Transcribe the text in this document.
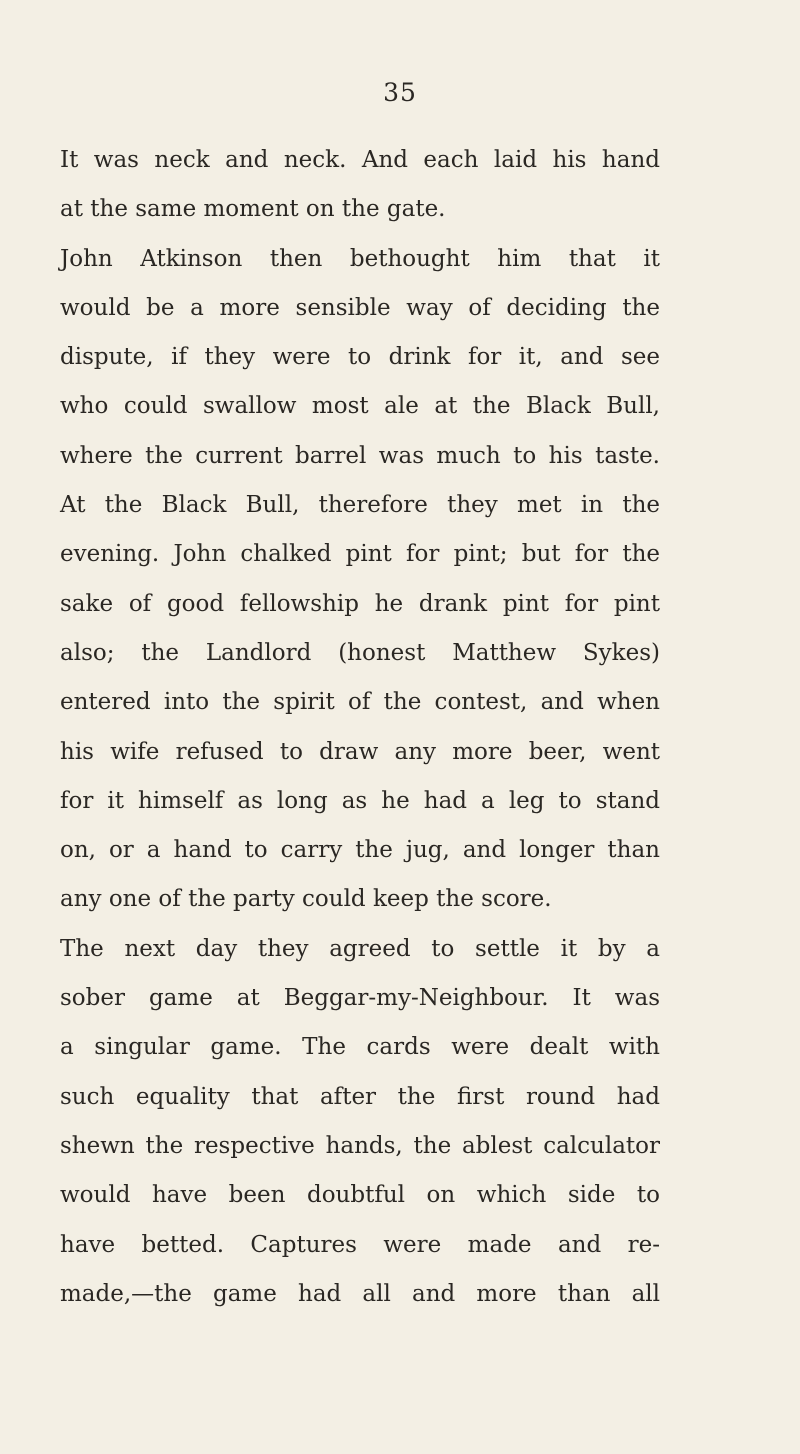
35
It was neck and neck. And each laid his hand
at the same moment on the gate.
John Atkinson then bethought him that it
would be a more sensible way of deciding the
dispute, if they were to drink for it, and see
who could swallow most ale at the Black Bull,
where the current barrel was much to his taste.
At the Black Bull, therefore they met in the
evening. John chalked pint for pint; but for the
sake of good fellowship he drank pint for pint
also; the Landlord (honest Matthew Sykes)
entered into the spirit of the contest, and when
his wife refused to draw any more beer, went
for it himself as long as he had a leg to stand
on, or a hand to carry the jug, and longer than
any one of the party could keep the score.
The next day they agreed to settle it by a
sober game at Beggar-my-Neighbour. It was
a singular game. The cards were dealt with
such equality that after the first round had
shewn the respective hands, the ablest calculator
would have been doubtful on which side to
have betted. Captures were made and re-
made,—the game had all and more than all
